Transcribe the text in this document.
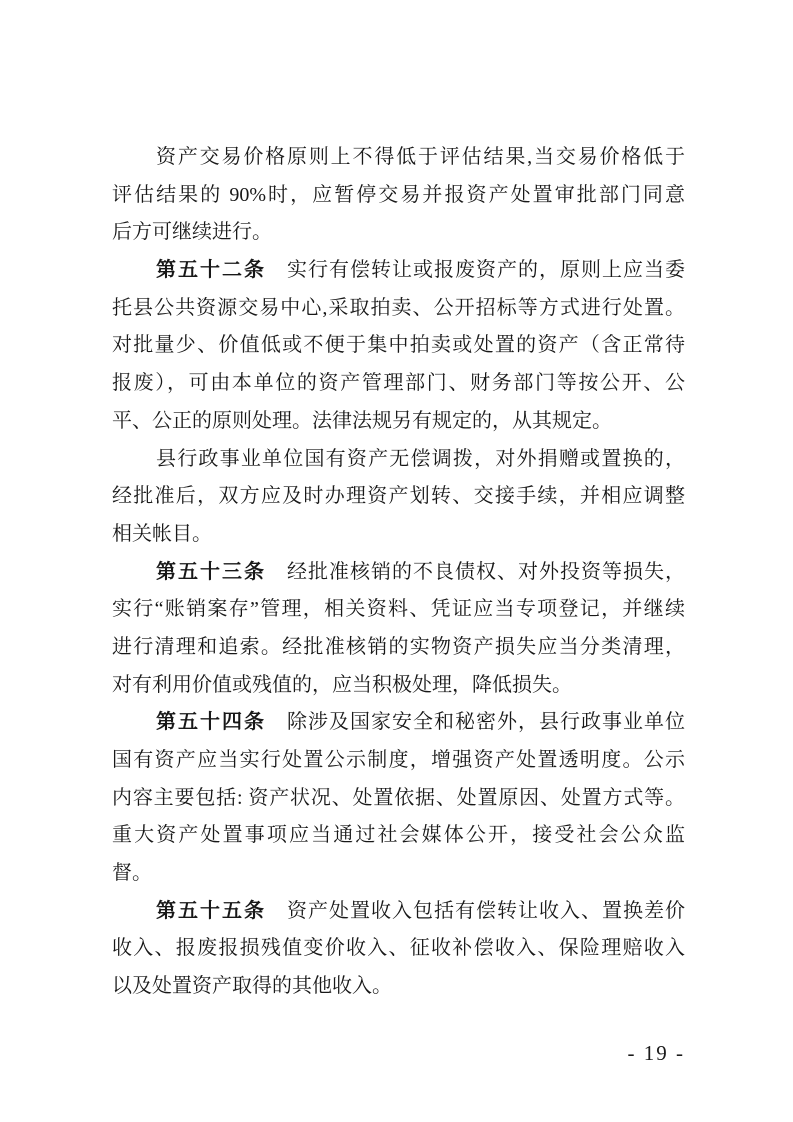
资产交易价格原则上不得低于评估结果,当交易价格低于
评估结果的 90%时，应暂停交易并报资产处置审批部门同意
后方可继续进行。
第五十二条　实行有偿转让或报废资产的，原则上应当委
托县公共资源交易中心,采取拍卖、公开招标等方式进行处置。
对批量少、价值低或不便于集中拍卖或处置的资产（含正常待
报废），可由本单位的资产管理部门、财务部门等按公开、公
平、公正的原则处理。法律法规另有规定的，从其规定。
县行政事业单位国有资产无偿调拨，对外捐赠或置换的，
经批准后，双方应及时办理资产划转、交接手续，并相应调整
相关帐目。
第五十三条　经批准核销的不良债权、对外投资等损失，
实行“账销案存”管理，相关资料、凭证应当专项登记，并继续
进行清理和追索。经批准核销的实物资产损失应当分类清理，
对有利用价值或残值的，应当积极处理，降低损失。
第五十四条　除涉及国家安全和秘密外，县行政事业单位
国有资产应当实行处置公示制度，增强资产处置透明度。公示
内容主要包括: 资产状况、处置依据、处置原因、处置方式等。
重大资产处置事项应当通过社会媒体公开，接受社会公众监
督。
第五十五条　资产处置收入包括有偿转让收入、置换差价
收入、报废报损残值变价收入、征收补偿收入、保险理赔收入
以及处置资产取得的其他收入。
- 19 -
